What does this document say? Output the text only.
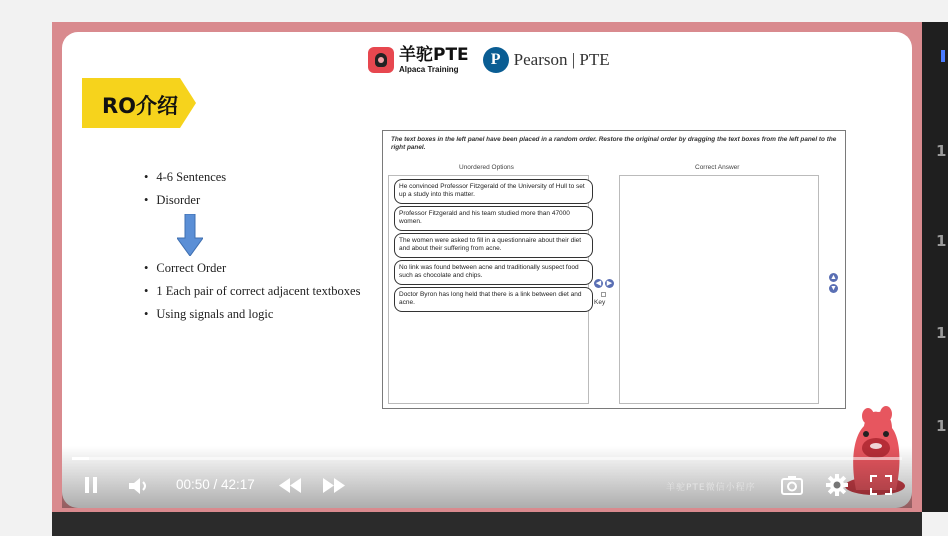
羊驼PTE
Alpaca Training
P Pearson | PTE
RO介绍
• 4-6 Sentences
• Disorder
• Correct Order
• 1 Each pair of correct adjacent textboxes
• Using signals and logic
The text boxes in the left panel have been placed in a random order. Restore the original order by dragging the text boxes from the left panel to the right panel.
Unordered Options	Correct Answer
He convinced Professor Fitzgerald of the University of Hull to set up a study into this matter.
Professor Fitzgerald and his team studied more than 47000 women.
The women were asked to fill in a questionnaire about their diet and about their suffering from acne.
No link was found between acne and traditionally suspect food such as chocolate and chips.
Doctor Byron has long held that there is a link between diet and acne.
◀ ▶
Key
▲
▼
00:50 / 42:17	羊驼PTE微信小程序
1
1
1
1
